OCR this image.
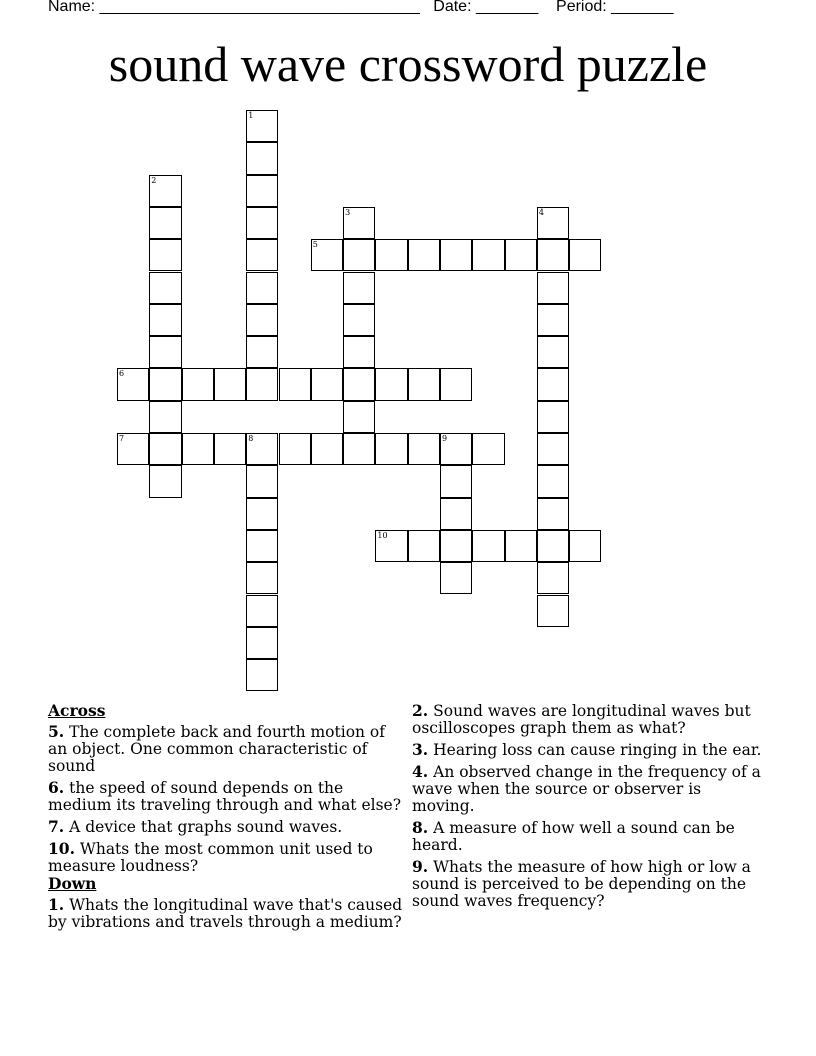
Name: ____________________________________ Date: _______ Period: _______
sound wave crossword puzzle
1
2
3	4
5
6
7	8	9
10
Across
5. The complete back and fourth motion of an object. One common characteristic of sound
6. the speed of sound depends on the medium its traveling through and what else?
7. A device that graphs sound waves.
10. Whats the most common unit used to measure loudness?
Down
1. Whats the longitudinal wave that's caused by vibrations and travels through a medium?
2. Sound waves are longitudinal waves but oscilloscopes graph them as what?
3. Hearing loss can cause ringing in the ear.
4. An observed change in the frequency of a wave when the source or observer is moving.
8. A measure of how well a sound can be heard.
9. Whats the measure of how high or low a sound is perceived to be depending on the sound waves frequency?
